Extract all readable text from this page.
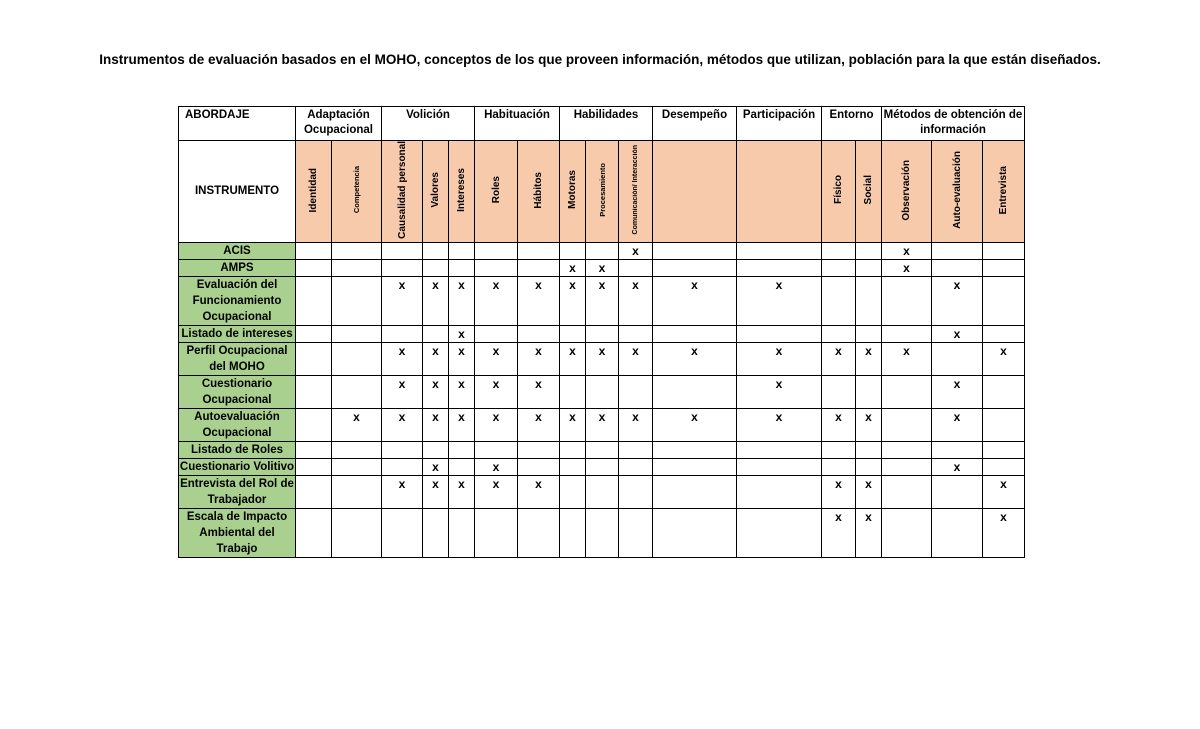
Instrumentos de evaluación basados en el MOHO, conceptos de los que proveen información, métodos que utilizan, población para la que están diseñados.
ABORDAJE	Adaptación Ocupacional		Volición			Habituación		Habilidades			Desempeño	Participación	Entorno		Métodos de obtención de información		
INSTRUMENTO	Identidad	Competencia	Causalidad personal	Valores	Intereses	Roles	Hábitos	Motoras	Procesamiento	Comunicación/ Interacción			Físico	Social	Observación	Auto-evaluación	Entrevista
ACIS										x					x		
AMPS								x	x						x		
Evaluación del Funcionamiento Ocupacional			x	x	x	x	x	x	x	x	x	x				x	
Listado de intereses					x											x	
Perfil Ocupacional del MOHO			x	x	x	x	x	x	x	x	x	x	x	x	x		x
Cuestionario Ocupacional			x	x	x	x	x					x				x	
Autoevaluación Ocupacional		x	x	x	x	x	x	x	x	x	x	x	x	x		x	
Listado de Roles																	
Cuestionario Volitivo				x		x										x	
Entrevista del Rol de Trabajador			x	x	x	x	x						x	x			x
Escala de Impacto Ambiental del Trabajo													x	x			x
